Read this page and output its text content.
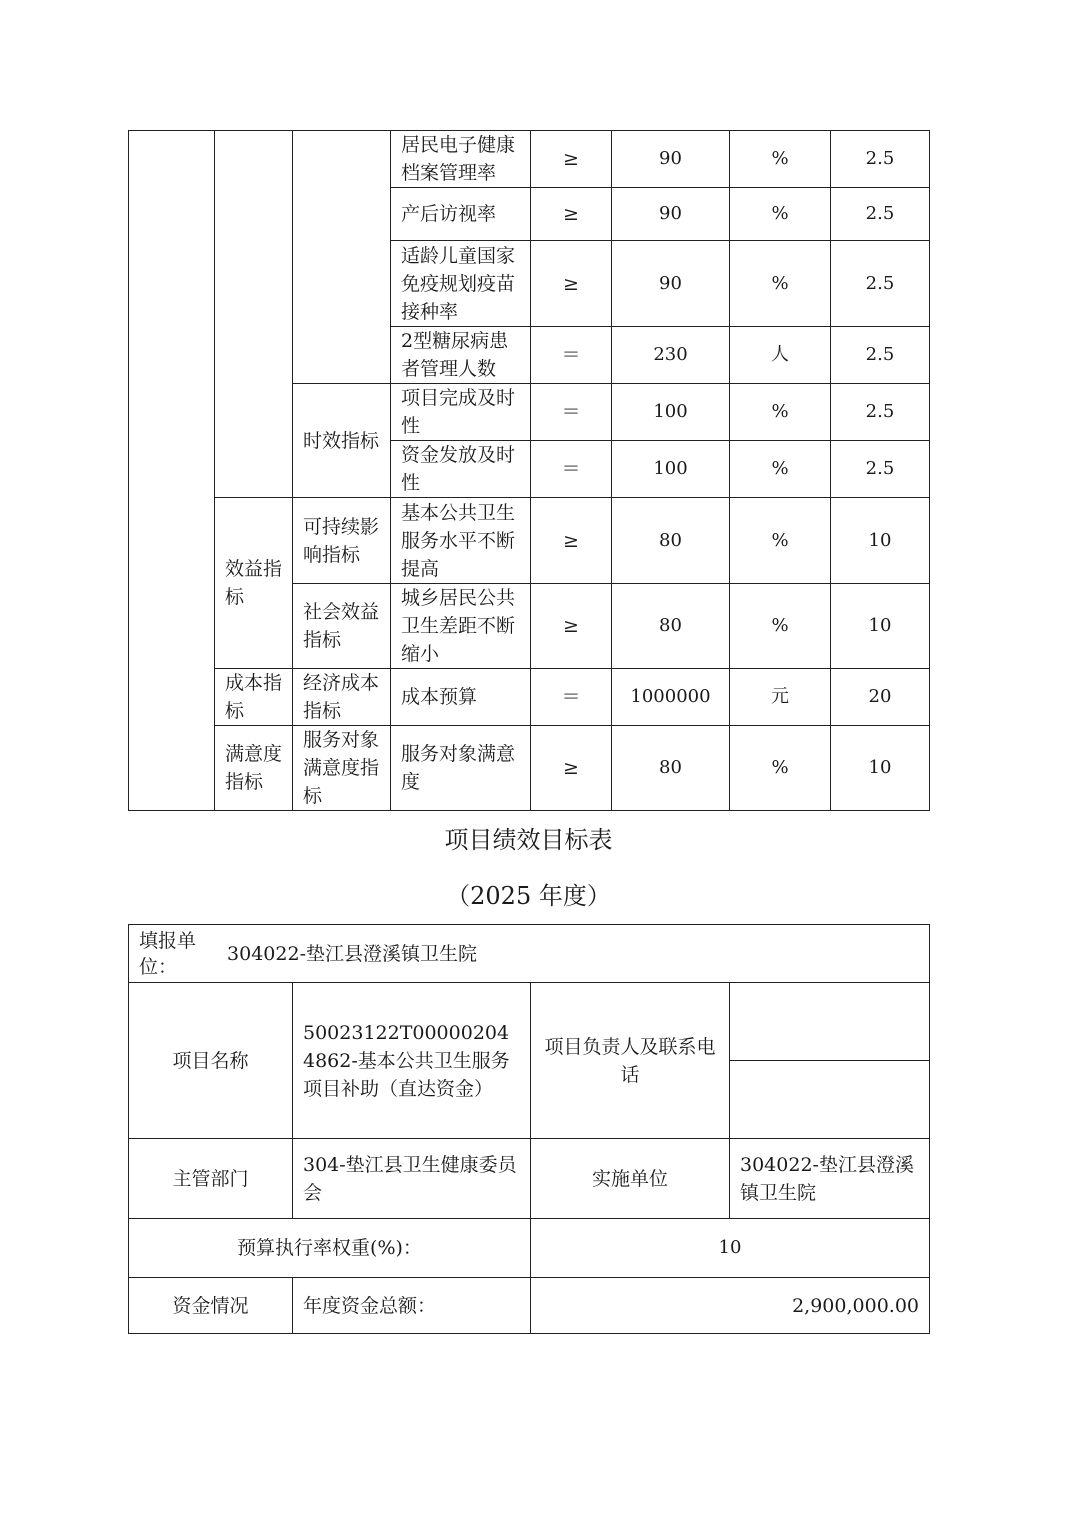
			居民电子健康档案管理率	≥	90	%	2.5
			产后访视率	≥	90	%	2.5
			适龄儿童国家免疫规划疫苗接种率	≥	90	%	2.5
			2型糖尿病患者管理人数	＝	230	人	2.5
		时效指标	项目完成及时性	＝	100	%	2.5
			资金发放及时性	＝	100	%	2.5
	效益指标	可持续影响指标	基本公共卫生服务水平不断提高	≥	80	%	10
		社会效益指标	城乡居民公共卫生差距不断缩小	≥	80	%	10
	成本指标	经济成本指标	成本预算	＝	1000000	元	20
	满意度指标	服务对象满意度指标	服务对象满意度	≥	80	%	10
项目绩效目标表
（2025 年度）
填报单位： 304022-垫江县澄溪镇卫生院			
项目名称	50023122T000002044862-基本公共卫生服务项目补助（直达资金）	项目负责人及联系电话	

主管部门	304-垫江县卫生健康委员会	实施单位	304022-垫江县澄溪镇卫生院
预算执行率权重(%)：		10	
资金情况	年度资金总额：	2,900,000.00	
